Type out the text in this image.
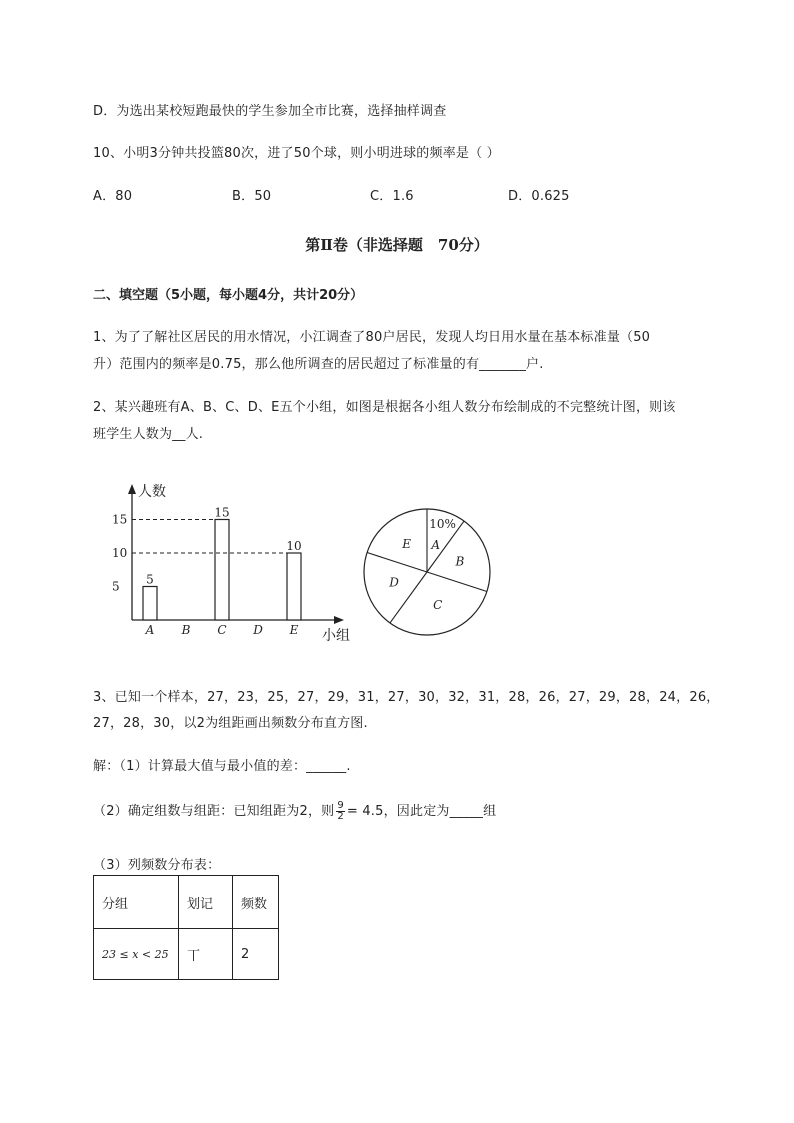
D．为选出某校短跑最快的学生参加全市比赛，选择抽样调查
10、小明3分钟共投篮80次，进了50个球，则小明进球的频率是（ ）
A．80	B．50	C．1.6	D．0.625
第Ⅱ卷（非选择题　70分）
二、填空题（5小题，每小题4分，共计20分）
1、为了了解社区居民的用水情况，小江调查了80户居民，发现人均日用水量在基本标准量（50
升）范围内的频率是0.75，那么他所调查的居民超过了标准量的有_______户.
2、某兴趣班有A、B、C、D、E五个小组，如图是根据各小组人数分布绘制成的不完整统计图，则该
班学生人数为__人.
人数
小组
5
10
15
A
5
B C
15
D E
10	A
B
C
D
E
10%
3、已知一个样本，27，23，25，27，29，31，27，30，32，31，28，26，27，29，28，24，26，
27，28，30，以2为组距画出频数分布直方图.
解：（1）计算最大值与最小值的差：______.
（2）确定组数与组距：已知组距为2，则 $\frac{9}{2} = 4.5$，因此定为_____组
（3）列频数分布表：
分组	划记	频数
23 ≤ x < 25	丅	2
